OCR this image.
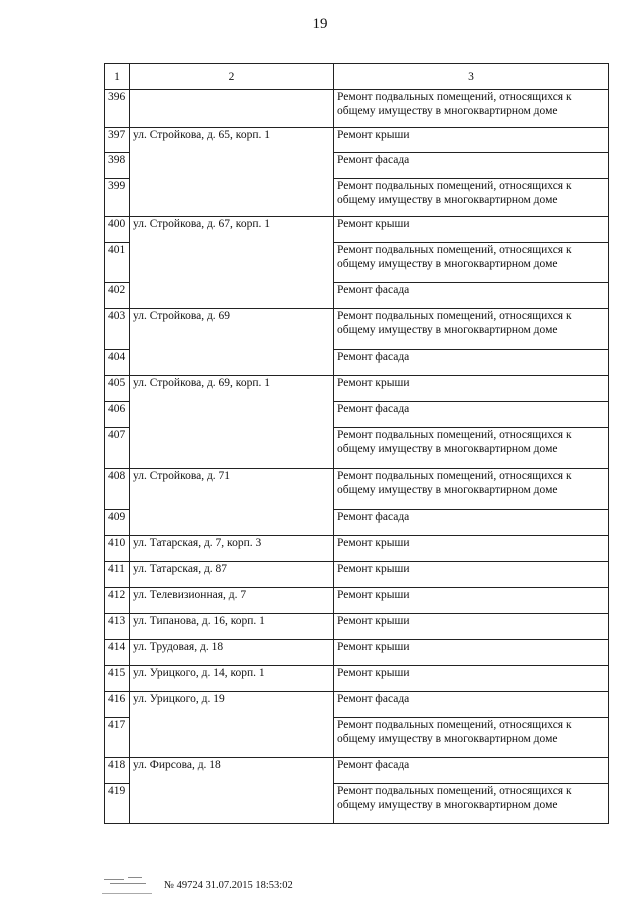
19
1	2	3
396		Ремонт подвальных помещений, относящихся к общему имуществу в многоквартирном доме
397	ул. Стройкова, д. 65, корп. 1	Ремонт крыши
398		Ремонт фасада
399		Ремонт подвальных помещений, относящихся к общему имуществу в многоквартирном доме
400	ул. Стройкова, д. 67, корп. 1	Ремонт крыши
401		Ремонт подвальных помещений, относящихся к общему имуществу в многоквартирном доме
402		Ремонт фасада
403	ул. Стройкова, д. 69	Ремонт подвальных помещений, относящихся к общему имуществу в многоквартирном доме
404		Ремонт фасада
405	ул. Стройкова, д. 69, корп. 1	Ремонт крыши
406		Ремонт фасада
407		Ремонт подвальных помещений, относящихся к общему имуществу в многоквартирном доме
408	ул. Стройкова, д. 71	Ремонт подвальных помещений, относящихся к общему имуществу в многоквартирном доме
409		Ремонт фасада
410	ул. Татарская, д. 7, корп. 3	Ремонт крыши
411	ул. Татарская, д. 87	Ремонт крыши
412	ул. Телевизионная, д. 7	Ремонт крыши
413	ул. Типанова, д. 16, корп. 1	Ремонт крыши
414	ул. Трудовая, д. 18	Ремонт крыши
415	ул. Урицкого, д. 14, корп. 1	Ремонт крыши
416	ул. Урицкого, д. 19	Ремонт фасада
417		Ремонт подвальных помещений, относящихся к общему имуществу в многоквартирном доме
418	ул. Фирсова, д. 18	Ремонт фасада
419		Ремонт подвальных помещений, относящихся к общему имуществу в многоквартирном доме
№ 49724 31.07.2015 18:53:02
